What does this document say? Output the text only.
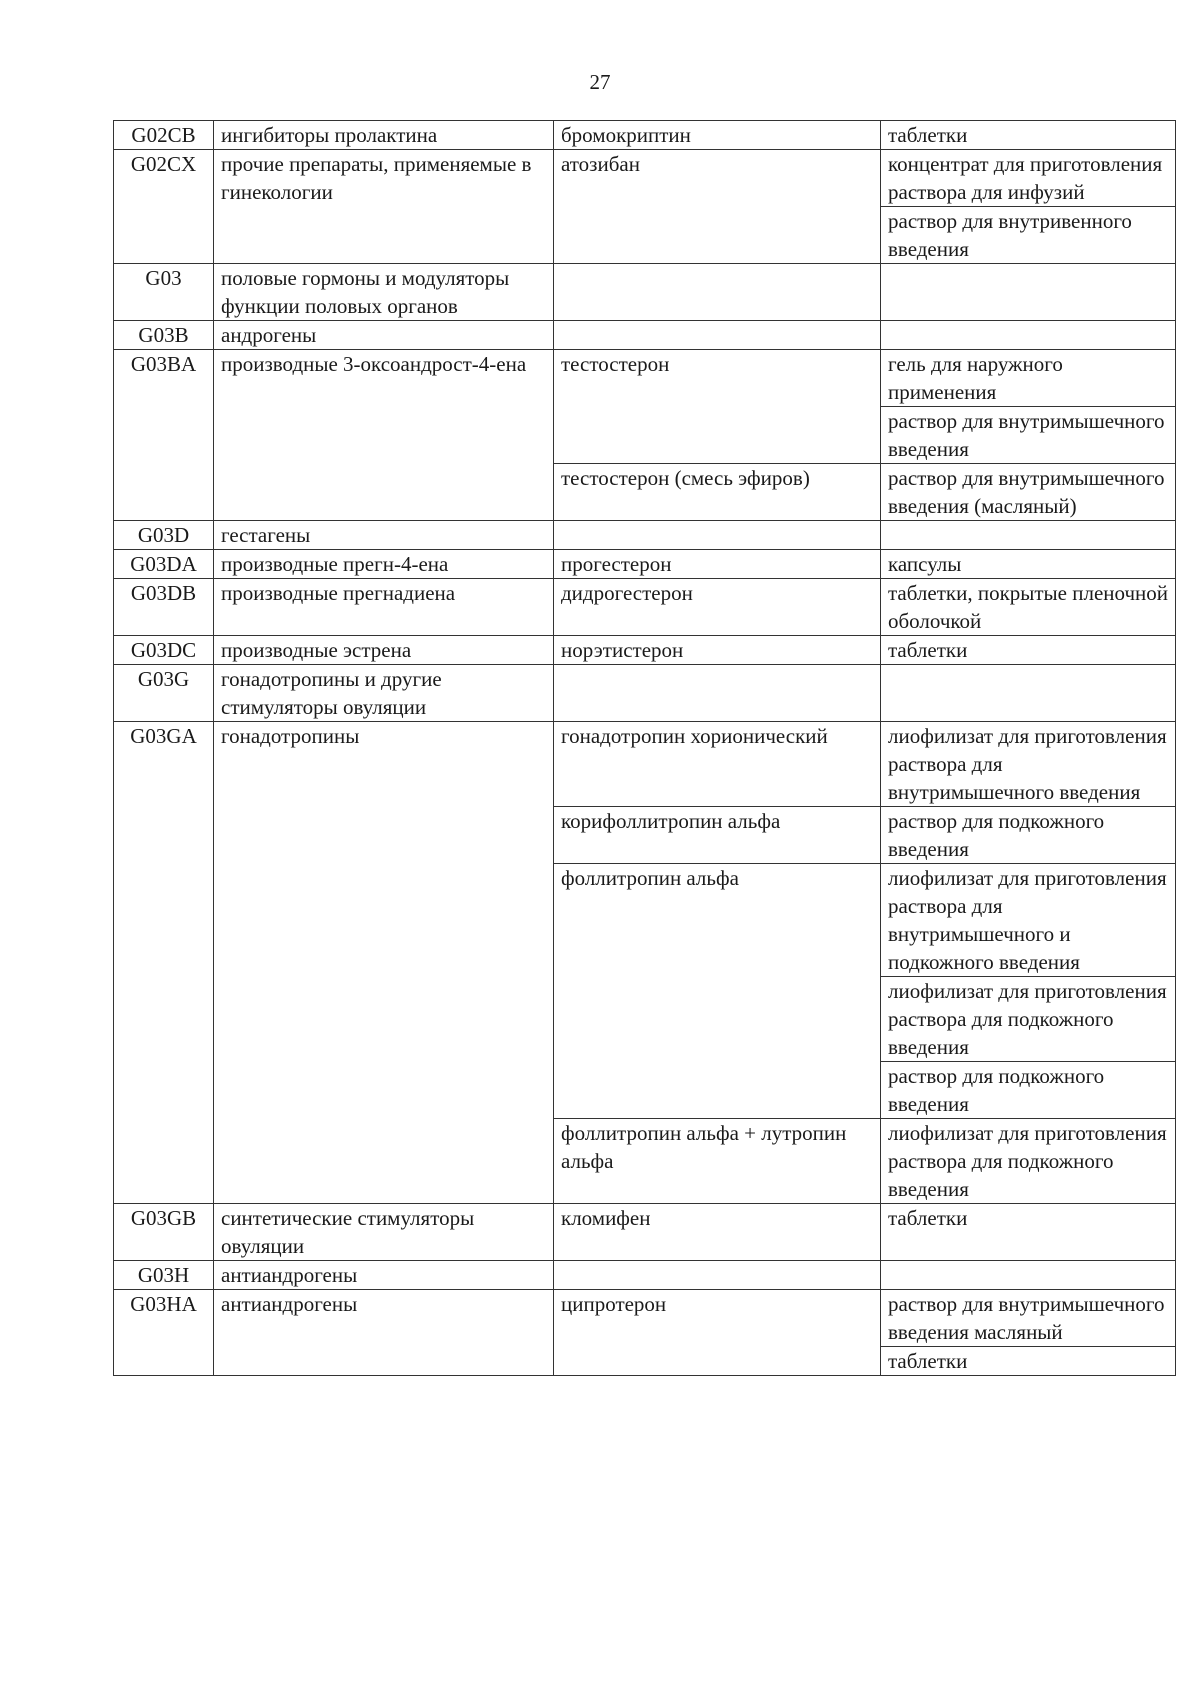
27
G02CB	ингибиторы пролактина	бромокриптин	таблетки
G02CX	прочие препараты, применяемые в гинекологии	атозибан	концентрат для приготовления раствора для инфузий
			раствор для внутривенного введения
G03	половые гормоны и модуляторы функции половых органов		
G03B	андрогены		
G03BA	производные 3-оксоандрост-4-ена	тестостерон	гель для наружного применения
			раствор для внутримышечного введения
		тестостерон (смесь эфиров)	раствор для внутримышечного введения (масляный)
G03D	гестагены		
G03DA	производные прегн-4-ена	прогестерон	капсулы
G03DB	производные прегнадиена	дидрогестерон	таблетки, покрытые пленочной оболочкой
G03DC	производные эстрена	норэтистерон	таблетки
G03G	гонадотропины и другие стимуляторы овуляции		
G03GA	гонадотропины	гонадотропин хорионический	лиофилизат для приготовления раствора для внутримышечного введения
		корифоллитропин альфа	раствор для подкожного введения
		фоллитропин альфа	лиофилизат для приготовления раствора для внутримышечного и подкожного введения
			лиофилизат для приготовления раствора для подкожного введения
			раствор для подкожного введения
		фоллитропин альфа + лутропин альфа	лиофилизат для приготовления раствора для подкожного введения
G03GB	синтетические стимуляторы овуляции	кломифен	таблетки
G03H	антиандрогены		
G03HA	антиандрогены	ципротерон	раствор для внутримышечного введения масляный
			таблетки
